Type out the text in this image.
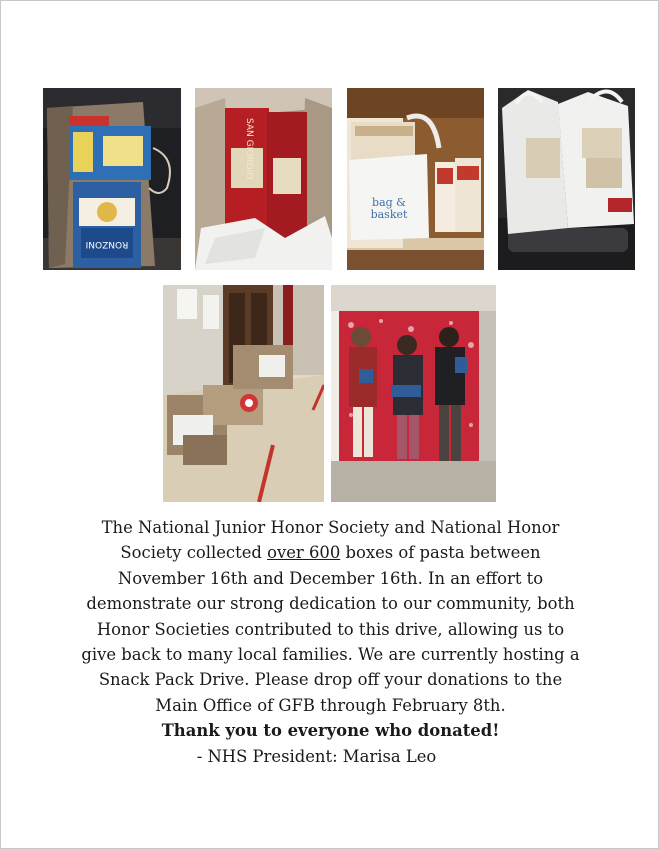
RONZONI
SAN GIORGIO
bag &
basket
The National Junior Honor Society and National Honor
Society collected over 600 boxes of pasta between
November 16th and December 16th. In an effort to
demonstrate our strong dedication to our community, both
Honor Societies contributed to this drive, allowing us to
give back to many local families. We are currently hosting a
Snack Pack Drive. Please drop off your donations to the
Main Office of GFB through February 8th.
Thank you to everyone who donated!
- NHS President: Marisa Leo
